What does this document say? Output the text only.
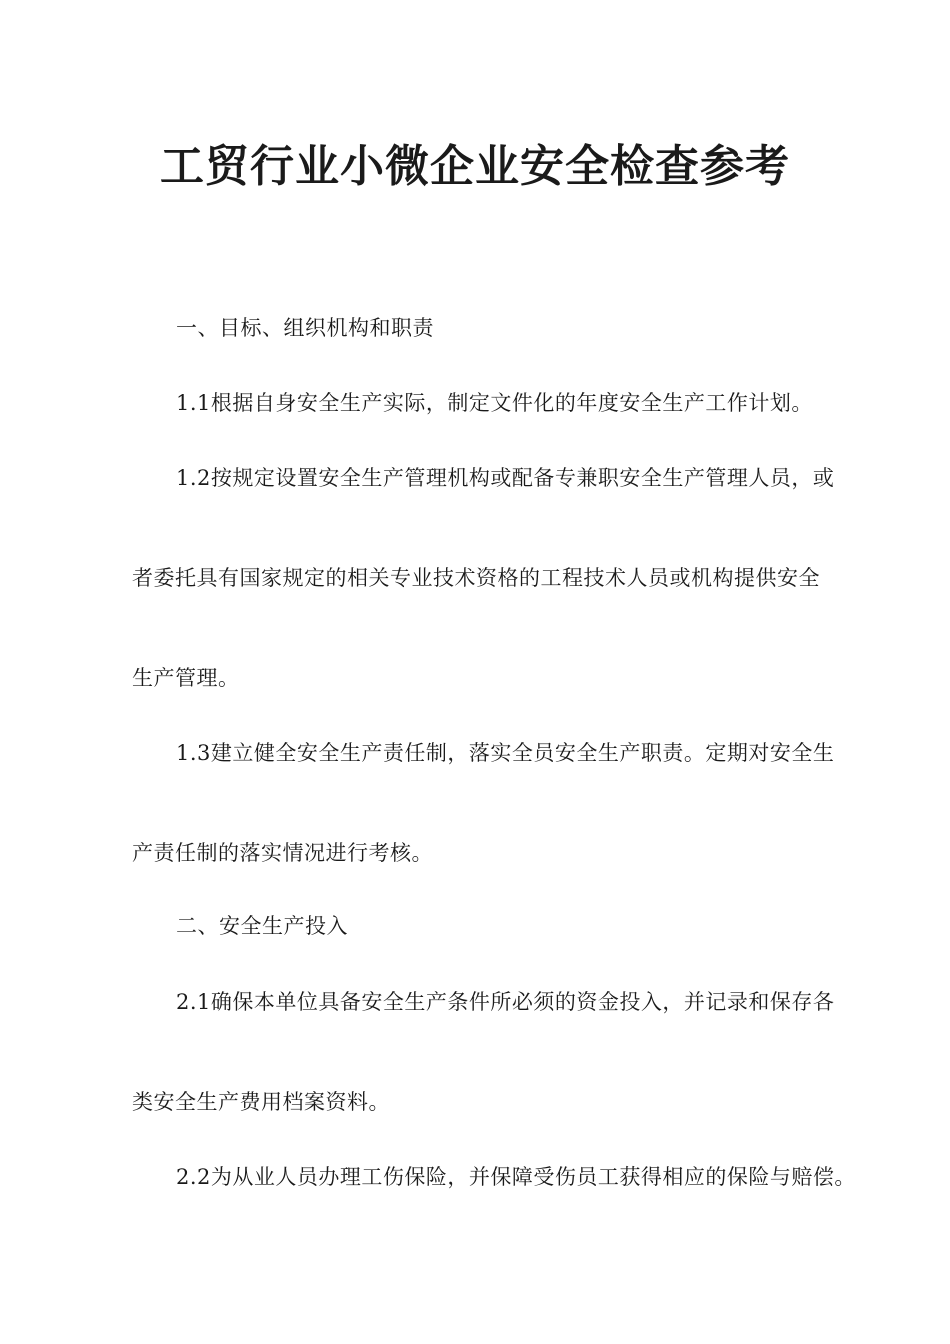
工贸行业小微企业安全检查参考
一、目标、组织机构和职责
1.1根据自身安全生产实际，制定文件化的年度安全生产工作计划。
1.2按规定设置安全生产管理机构或配备专兼职安全生产管理人员，或
者委托具有国家规定的相关专业技术资格的工程技术人员或机构提供安全
生产管理。
1.3建立健全安全生产责任制，落实全员安全生产职责。定期对安全生
产责任制的落实情况进行考核。
二、安全生产投入
2.1确保本单位具备安全生产条件所必须的资金投入，并记录和保存各
类安全生产费用档案资料。
2.2为从业人员办理工伤保险，并保障受伤员工获得相应的保险与赔偿。
